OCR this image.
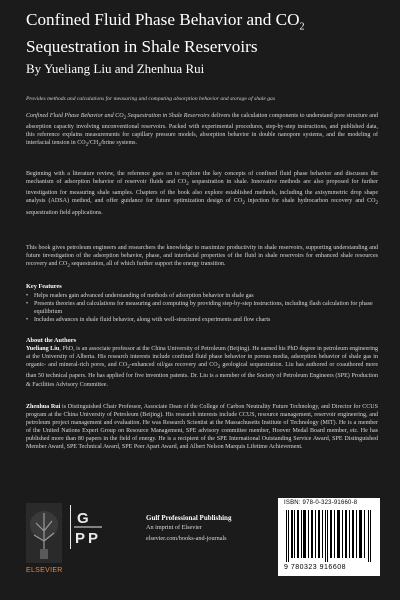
Confined Fluid Phase Behavior and $CO_2$
Sequestration in Shale Reservoirs
By Yueliang Liu and Zhenhua Rui
Provides methods and calculations for measuring and computing absorption behavior and storage of shale gas
Confined Fluid Phase Behavior and $CO_2$ Sequestration in Shale Reservoirs delivers the calculation components to understand pore structure and absorption capacity involving unconventional reservoirs. Packed with experimental procedures, step-by-step instructions, and published data, this reference explains measurements for capillary pressure models, absorption behavior in double nanopore systems, and the modeling of interfacial tension in $CO_2/CH_4$/brine systems.
Beginning with a literature review, the reference goes on to explore the key concepts of confined fluid phase behavior and discusses the mechanism of adsorption behavior of reservoir fluids and $CO_2$ sequestration in shale. Innovative methods are also proposed for further investigation for measuring shale samples. Chapters of the book also explore established methods, including the axisymmetric drop shape analysis (ADSA) method, and offer guidance for future optimization design of $CO_2$ injection for shale hydrocarbon recovery and $CO_2$ sequestration field applications.
This book gives petroleum engineers and researchers the knowledge to maximize productivity in shale reservoirs, supporting understanding and future investigation of the adsorption behavior, phase, and interfacial properties of the fluid in shale reservoirs for enhanced shale resources recovery and $CO_2$ sequestration, all of which further support the energy transition.
Key Features
• Helps readers gain advanced understanding of methods of adsorption behavior in shale gas
• Presents theories and calculations for measuring and computing by providing step-by-step instructions, including flash calculation for phase equilibrium
• Includes advances in shale fluid behavior, along with well-structured experiments and flow charts
About the Authors
Yueliang Liu, PhD, is an associate professor at the China University of Petroleum (Beijing). He earned his PhD degree in petroleum engineering at the University of Alberta. His research interests include confined fluid phase behavior in porous media, adsorption behavior of shale gas in organic- and mineral-rich pores, and $CO_2$-enhanced oil/gas recovery and $CO_2$ geological sequestration. Liu has authored or coauthored more than 50 technical papers. He has applied for five invention patents. Dr. Liu is a member of the Society of Petroleum Engineers (SPE) Production & Facilities Advisory Committee.
Zhenhua Rui is Distinguished Chair Professor, Associate Dean of the College of Carbon Neutrality Future Technology, and Director for CCUS program at the China University of Petroleum (Beijing). His research interests include CCUS, resource management, reservoir engineering, and petroleum project management and evaluation. He was Research Scientist at the Massachusetts Institute of Technology (MIT). He is a member of the United Nations Expert Group on Resource Management, SPE advisory committee member, Hoover Medal Board member, etc. He has published more than 80 papers in the field of energy. He is a recipient of the SPE International Outstanding Service Award, SPE Distinguished Member Award, SPE Technical Award, SPE Peer Apart Award, and Albert Nelson Marquis Lifetime Achievement.
ELSEVIER
G
P P
Gulf Professional Publishing
An imprint of Elsevier
elsevier.com/books-and-journals
ISBN: 978-0-323-91660-8
9 780323 916608
